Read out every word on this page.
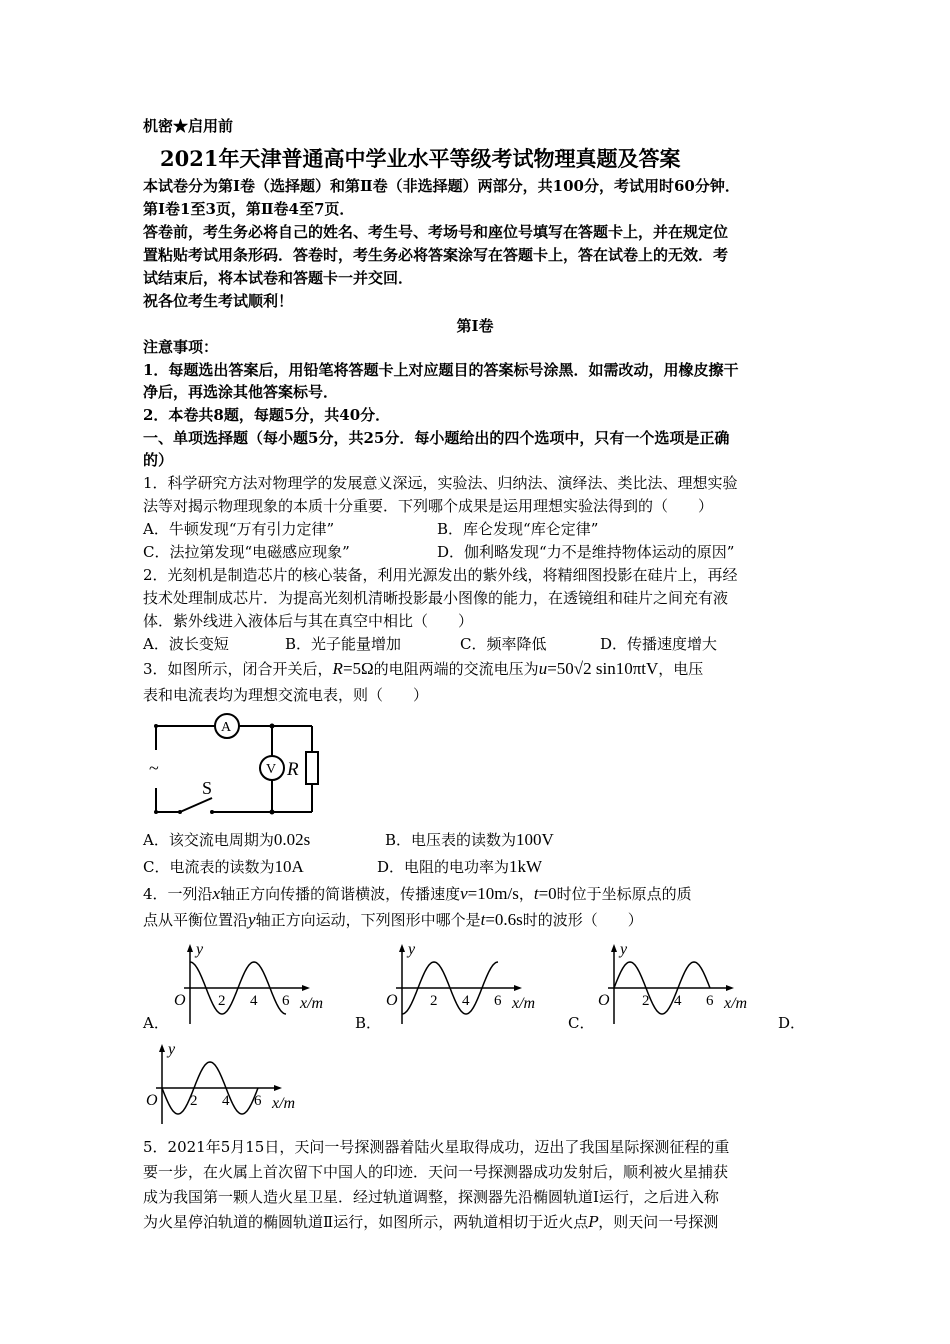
机密★启用前
2021年天津普通高中学业水平等级考试物理真题及答案
本试卷分为第Ⅰ卷（选择题）和第Ⅱ卷（非选择题）两部分，共100分，考试用时60分钟．
第Ⅰ卷1至3页，第Ⅱ卷4至7页．
答卷前，考生务必将自己的姓名、考生号、考场号和座位号填写在答题卡上，并在规定位
置粘贴考试用条形码．答卷时，考生务必将答案涂写在答题卡上，答在试卷上的无效．考
试结束后，将本试卷和答题卡一并交回．
祝各位考生考试顺利！
第Ⅰ卷
注意事项：
1．每题选出答案后，用铅笔将答题卡上对应题目的答案标号涂黑．如需改动，用橡皮擦干
净后，再选涂其他答案标号．
2．本卷共8题，每题5分，共40分．
一、单项选择题（每小题5分，共25分．每小题给出的四个选项中，只有一个选项是正确
的）
1．科学研究方法对物理学的发展意义深远，实验法、归纳法、演绎法、类比法、理想实验
法等对揭示物理现象的本质十分重要．下列哪个成果是运用理想实验法得到的（　　）
A．牛顿发现“万有引力定律”	B．库仑发现“库仑定律”
C．法拉第发现“电磁感应现象”	D．伽利略发现“力不是维持物体运动的原因”
2．光刻机是制造芯片的核心装备，利用光源发出的紫外线，将精细图投影在硅片上，再经
技术处理制成芯片．为提高光刻机清晰投影最小图像的能力，在透镜组和硅片之间充有液
体．紫外线进入液体后与其在真空中相比（　　）
A．波长变短	B．光子能量增加	C．频率降低	D．传播速度增大
3．如图所示，闭合开关后，R=5Ω的电阻两端的交流电压为u=50√2 sin10πtV，电压
表和电流表均为理想交流电表，则（　　）
A
V R
S
~
A．该交流电周期为0.02s	B．电压表的读数为100V
C．电流表的读数为10A	D．电阻的电功率为1kW
4．一列沿x轴正方向传播的简谐横波，传播速度v=10m/s，t=0时位于坐标原点的质
点从平衡位置沿y轴正方向运动，下列图形中哪个是t=0.6s时的波形（　　）
A．	B．	C．	D．
y
O 2 4 6 x/m
y
O 2 4 6 x/m
y
O 2 4 6 x/m
y
O 2 4 6 x/m
5．2021年5月15日，天问一号探测器着陆火星取得成功，迈出了我国星际探测征程的重
要一步，在火属上首次留下中国人的印迹．天问一号探测器成功发射后，顺利被火星捕获
成为我国第一颗人造火星卫星．经过轨道调整，探测器先沿椭圆轨道Ⅰ运行，之后进入称
为火星停泊轨道的椭圆轨道Ⅱ运行，如图所示，两轨道相切于近火点P，则天问一号探测
